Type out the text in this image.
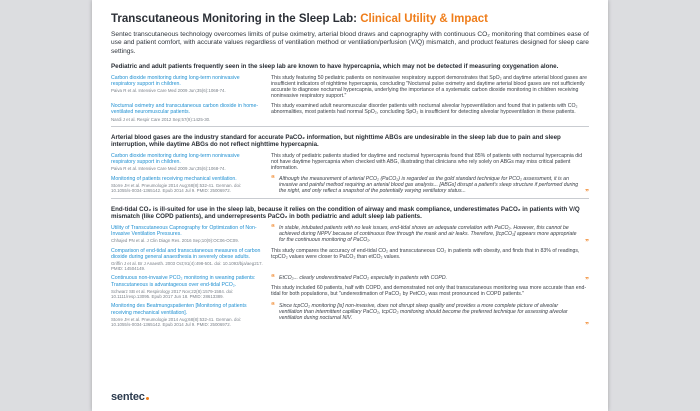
Transcutaneous Monitoring in the Sleep Lab: Clinical Utility & Impact
Sentec transcutaneous technology overcomes limits of pulse oximetry, arterial blood draws and capnography with continuous CO₂ monitoring that combines ease of use and patient comfort, with accurate values regardless of ventilation method or ventilation/perfusion (V/Q) mismatch, and product features designed for sleep care settings.
Pediatric and adult patients frequently seen in the sleep lab are known to have hypercapnia, which may not be detected if measuring oxygenation alone.
Carbon dioxide monitoring during long-term noninvasive respiratory support in children.
Paiva R et al. Intensive Care Med 2009 Jun;35(6):1068-74.
This study featuring 50 pediatric patients on noninvasive respiratory support demonstrates that SpO₂ and daytime arterial blood gases are insufficient indicators of nighttime hypercapnia, concluding "Nocturnal pulse oximetry and daytime arterial blood gases are not sufficiently accurate to diagnose nocturnal hypercapnia, underlying the importance of a systematic carbon dioxide monitoring in children receiving noninvasive respiratory support."
Nocturnal oximetry and transcutaneous carbon dioxide in home-ventilated neuromuscular patients.
Nardi J et al. Respir Care 2012 Sep;57(9):1425-30.
This study examined adult neuromuscular disorder patients with nocturnal alveolar hypoventilation and found that in patients with CO₂ abnormalities, most patients had normal SpO₂, concluding SpO₂ is insufficient for detecting alveolar hypoventilation in these patients.
Arterial blood gases are the industry standard for accurate PaCO₂ information, but nighttime ABGs are undesirable in the sleep lab due to pain and sleep interruption, while daytime ABGs do not reflect nighttime hypercapnia.
Carbon dioxide monitoring during long-term noninvasive respiratory support in children.
Paiva R et al. Intensive Care Med 2009 Jun;35(6):1068-74.
This study of pediatric patients studied for daytime and nocturnal hypercapnia found that 85% of patients with nocturnal hypercapnia did not have daytime hypercapnia when checked with ABG, illustrating that clinicians who rely solely on ABGs may miss critical patient information.
Monitoring of patients receiving mechanical ventilation.
Storre JH et al. Pneumologie 2014 Aug;68(8):532-41. German. doi: 10.1055/s-0034-1365142. Epub 2014 Jul 9. PMID: 25006972.
“ Although the measurement of arterial PCO₂ (PaCO₂) is regarded as the gold standard technique for PCO₂ assessment, it is an invasive and painful method requiring an arterial blood gas analysis... [ABGs] disrupt a patient's sleep structure if performed during the night, and only reflect a snapshot of the potentially varying ventilatory status...	”
End-tidal CO₂ is ill-suited for use in the sleep lab, because it relies on the condition of airway and mask compliance, underestimates PaCO₂ in patients with V/Q mismatch (like COPD patients), and underrepresents PaCO₂ in both pediatric and adult sleep lab patients.
Utility of Transcutaneous Capnography for Optimization of Non-Invasive Ventilation Pressures.
Chhajed PN et al. J Clin Diagn Res. 2016 Sep;10(9):OC06-OC09.
“ In stable, intubated patients with no leak issues, end-tidal shows an adequate correlation with PaCO₂. However, this cannot be achieved during NPPV because of continuous flow through the mask and air leaks. Therefore, [tcpCO₂] appears more appropriate for the continuous monitoring of PaCO₂.	”
Comparison of end-tidal and transcutaneous measures of carbon dioxide during general anaesthesia in severely obese adults.
Griffin J et al. Br J Anaesth. 2003 Oct;91(4):498-501. doi: 10.1093/bja/aeg217. PMID: 14504149.
This study compares the accuracy of end-tidal CO₂ and transcutaneous CO₂ in patients with obesity, and finds that in 83% of readings, tcpCO₂ values were closer to PaCO₂ than etCO₂ values.
Continuous non-invasive PCO₂ monitoring in weaning patients: Transcutaneous is advantageous over end-tidal PCO₂.
Schwarz SB et al. Respirology 2017 Nov;22(8):1579-1584. doi: 10.1111/resp.13095. Epub 2017 Jun 18. PMID: 28613389.
“ EtCO₂... clearly underestimated PaCO₂ especially in patients with COPD.	”
This study included 60 patients, half with COPD, and demonstrated not only that transcutaneous monitoring was more accurate than end-tidal for both populations, but "underestimation of PaCO₂ by PetCO₂ was most pronounced in COPD patients."
Monitoring des Beatmungspatienten [Monitoring of patients receiving mechanical ventilation].
Storre JH et al. Pneumologie 2014 Aug;68(8):532-41. German. doi: 10.1055/s-0034-1365142. Epub 2014 Jul 9. PMID: 25006972.
“ Since tcpCO₂ monitoring [is] non-invasive, does not disrupt sleep quality and provides a more complete picture of alveolar ventilation than intermittent capillary PaCO₂, tcpCO₂ monitoring should become the preferred technique for assessing alveolar ventilation during nocturnal NIV.
”
sentec
